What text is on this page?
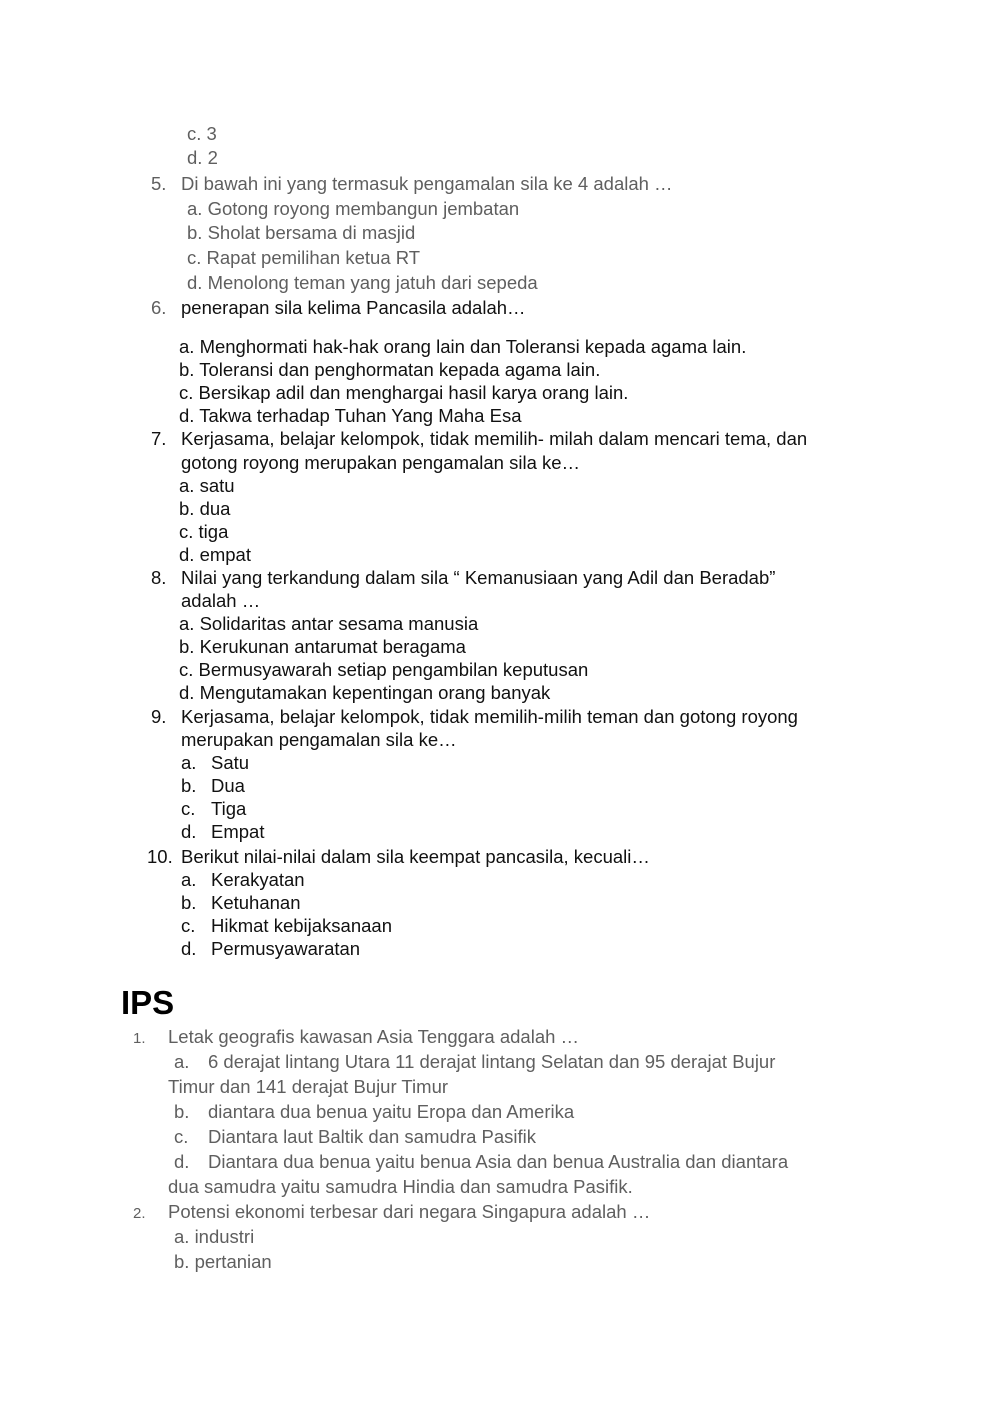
c. 3
d. 2
5. Di bawah ini yang termasuk pengamalan sila ke 4 adalah …
a. Gotong royong membangun jembatan
b. Sholat bersama di masjid
c. Rapat pemilihan ketua RT
d. Menolong teman yang jatuh dari sepeda
6. penerapan sila kelima Pancasila adalah…
a. Menghormati hak-hak orang lain dan Toleransi kepada agama lain.
b. Toleransi dan penghormatan kepada agama lain.
c. Bersikap adil dan menghargai hasil karya orang lain.
d. Takwa terhadap Tuhan Yang Maha Esa
7. Kerjasama, belajar kelompok, tidak memilih- milah dalam mencari tema, dan
gotong royong merupakan pengamalan sila ke…
a. satu
b. dua
c. tiga
d. empat
8. Nilai yang terkandung dalam sila “ Kemanusiaan yang Adil dan Beradab”
adalah …
a. Solidaritas antar sesama manusia
b. Kerukunan antarumat beragama
c. Bermusyawarah setiap pengambilan keputusan
d. Mengutamakan kepentingan orang banyak
9. Kerjasama, belajar kelompok, tidak memilih-milih teman dan gotong royong
merupakan pengamalan sila ke…
a. Satu
b. Dua
c. Tiga
d. Empat
10. Berikut nilai-nilai dalam sila keempat pancasila, kecuali…
a. Kerakyatan
b. Ketuhanan
c. Hikmat kebijaksanaan
d. Permusyawaratan
IPS
1. Letak geografis kawasan Asia Tenggara adalah …
a. 6 derajat lintang Utara 11 derajat lintang Selatan dan 95 derajat Bujur
Timur dan 141 derajat Bujur Timur
b. diantara dua benua yaitu Eropa dan Amerika
c. Diantara laut Baltik dan samudra Pasifik
d. Diantara dua benua yaitu benua Asia dan benua Australia dan diantara
dua samudra yaitu samudra Hindia dan samudra Pasifik.
2. Potensi ekonomi terbesar dari negara Singapura adalah …
a. industri
b. pertanian
